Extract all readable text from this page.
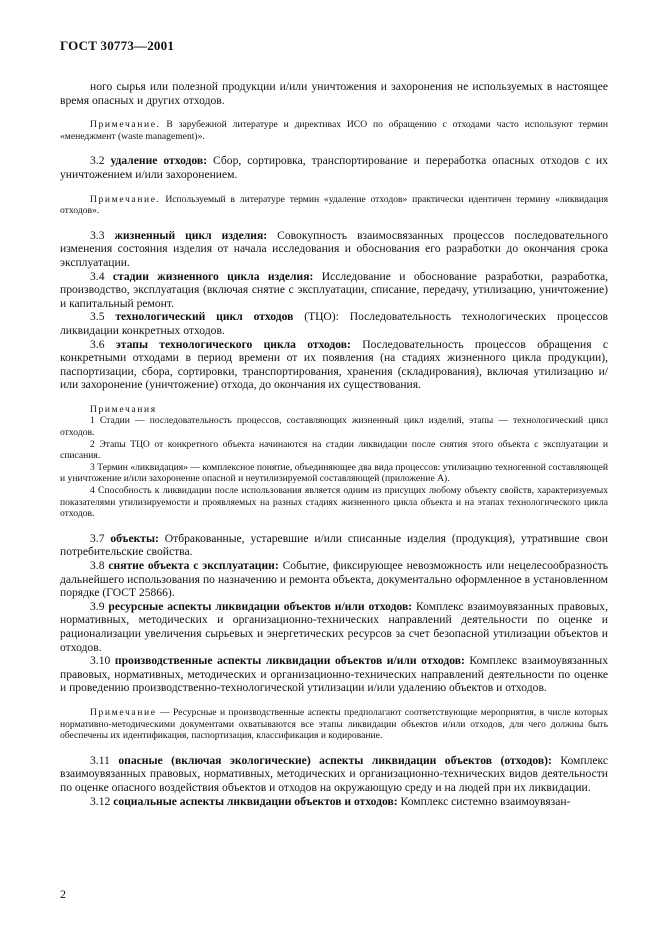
ГОСТ 30773—2001

ного сырья или полезной продукции и/или уничтожения и захоронения не используемых в настоящее время опасных и других отходов.

Примечание. В зарубежной литературе и директивах ИСО по обращению с отходами часто используют термин «менеджмент (waste management)».

3.2 удаление отходов: Сбор, сортировка, транспортирование и переработка опасных отходов с их уничтожением и/или захоронением.

Примечание. Используемый в литературе термин «удаление отходов» практически идентичен термину «ликвидация отходов».

3.3 жизненный цикл изделия: Совокупность взаимосвязанных процессов последовательного изменения состояния изделия от начала исследования и обоснования его разработки до окончания срока эксплуатации.

3.4 стадии жизненного цикла изделия: Исследование и обоснование разработки, разработка, производство, эксплуатация (включая снятие с эксплуатации, списание, передачу, утилизацию, уничтожение) и капитальный ремонт.

3.5 технологический цикл отходов (ТЦО): Последовательность технологических процессов ликвидации конкретных отходов.

3.6 этапы технологического цикла отходов: Последовательность процессов обращения с конкретными отходами в период времени от их появления (на стадиях жизненного цикла продукции), паспортизации, сбора, сортировки, транспортирования, хранения (складирования), включая утилизацию и/или захоронение (уничтожение) отхода, до окончания их существования.

Примечания

1 Стадии — последовательность процессов, составляющих жизненный цикл изделий, этапы — технологический цикл отходов.

2 Этапы ТЦО от конкретного объекта начинаются на стадии ликвидации после снятия этого объекта с эксплуатации и списания.

3 Термин «ликвидация» — комплексное понятие, объединяющее два вида процессов: утилизацию техногенной составляющей и уничтожение и/или захоронение опасной и неутилизируемой составляющей (приложение А).

4 Способность к ликвидации после использования является одним из присущих любому объекту свойств, характеризуемых показателями утилизируемости и проявляемых на разных стадиях жизненного цикла объекта и на этапах технологического цикла отходов.

3.7 объекты: Отбракованные, устаревшие и/или списанные изделия (продукция), утратившие свои потребительские свойства.

3.8 снятие объекта с эксплуатации: Событие, фиксирующее невозможность или нецелесообразность дальнейшего использования по назначению и ремонта объекта, документально оформленное в установленном порядке (ГОСТ 25866).

3.9 ресурсные аспекты ликвидации объектов и/или отходов: Комплекс взаимоувязанных правовых, нормативных, методических и организационно-технических направлений деятельности по оценке и рационализации увеличения сырьевых и энергетических ресурсов за счет безопасной утилизации объектов и отходов.

3.10 производственные аспекты ликвидации объектов и/или отходов: Комплекс взаимоувязанных правовых, нормативных, методических и организационно-технических направлений деятельности по оценке и проведению производственно-технологической утилизации и/или удалению объектов и отходов.

Примечание — Ресурсные и производственные аспекты предполагают соответствующие мероприятия, в числе которых нормативно-методическими документами охватываются все этапы ликвидации объектов и/или отходов, для чего должны быть обеспечены их идентификация, паспортизация, классификация и кодирование.

3.11 опасные (включая экологические) аспекты ликвидации объектов (отходов): Комплекс взаимоувязанных правовых, нормативных, методических и организационно-технических видов деятельности по оценке опасного воздействия объектов и отходов на окружающую среду и на людей при их ликвидации.

3.12 социальные аспекты ликвидации объектов и отходов: Комплекс системно взаимоувязан-

2
